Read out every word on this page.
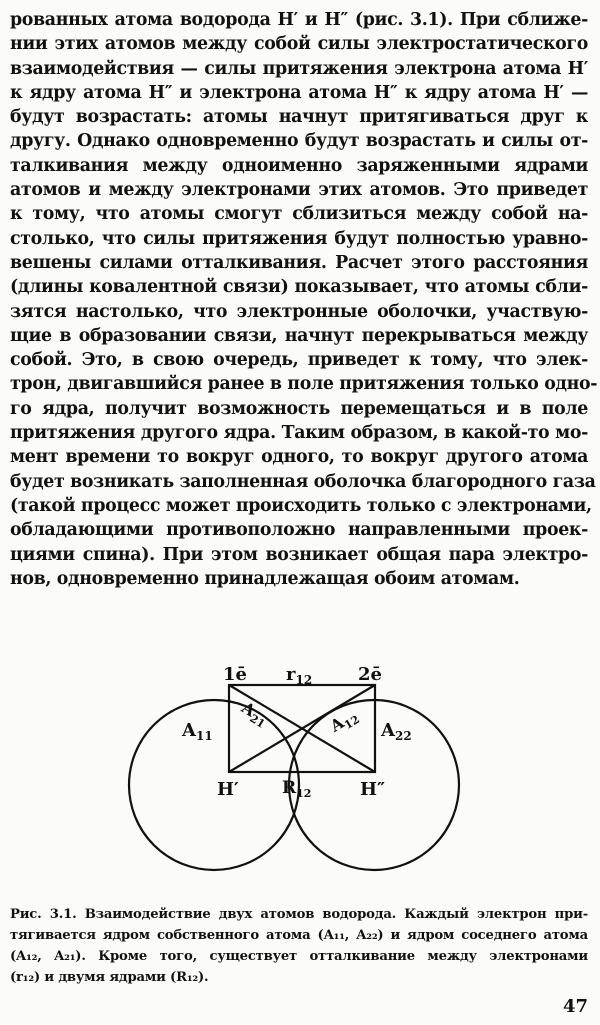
рованных атома водорода H′ и H″ (рис. 3.1). При сближе-
нии этих атомов между собой силы электростатического
взаимодействия — силы притяжения электрона атома H′
к ядру атома H″ и электрона атома H″ к ядру атома H′ —
будут возрастать: атомы начнут притягиваться друг к
другу. Однако одновременно будут возрастать и силы от-
талкивания между одноименно заряженными ядрами
атомов и между электронами этих атомов. Это приведет
к тому, что атомы смогут сблизиться между собой на-
столько, что силы притяжения будут полностью уравно-
вешены силами отталкивания. Расчет этого расстояния
(длины ковалентной связи) показывает, что атомы сбли-
зятся настолько, что электронные оболочки, участвую-
щие в образовании связи, начнут перекрываться между
собой. Это, в свою очередь, приведет к тому, что элек-
трон, двигавшийся ранее в поле притяжения только одно-
го ядра, получит возможность перемещаться и в поле
притяжения другого ядра. Таким образом, в какой-то мо-
мент времени то вокруг одного, то вокруг другого атома
будет возникать заполненная оболочка благородного газа
(такой процесс может происходить только с электронами,
обладающими противоположно направленными проек-
циями спина). При этом возникает общая пара электро-
нов, одновременно принадлежащая обоим атомам.
1ē	2ē
$r_{12}$
$A_{11}$	$A_{22}$
$A_{21}$	$A_{12}$
H′	H″
$R_{12}$
Рис. 3.1. Взаимодействие двух атомов водорода. Каждый электрон при-
тягивается ядром собственного атома (A₁₁, A₂₂) и ядром соседнего атома
(A₁₂, A₂₁). Кроме того, существует отталкивание между электронами
(r₁₂) и двумя ядрами (R₁₂).
47
